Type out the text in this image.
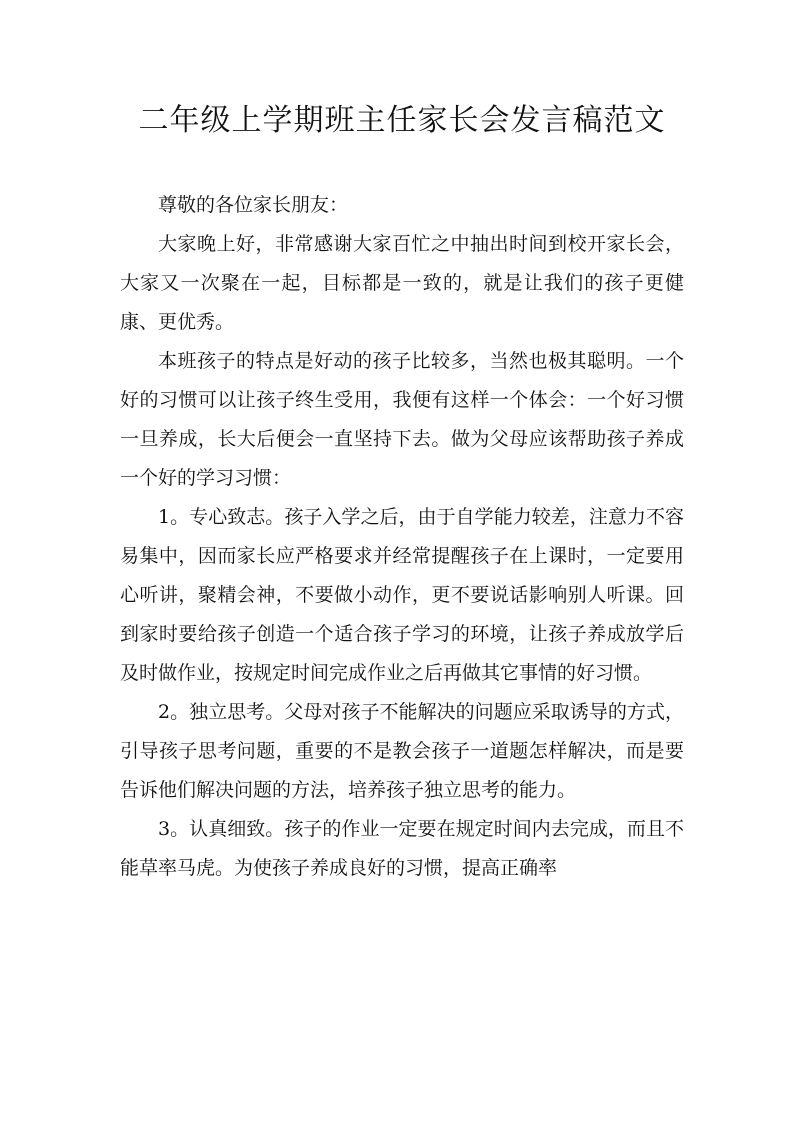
二年级上学期班主任家长会发言稿范文

尊敬的各位家长朋友：

大家晚上好，非常感谢大家百忙之中抽出时间到校开家长会，大家又一次聚在一起，目标都是一致的，就是让我们的孩子更健康、更优秀。

本班孩子的特点是好动的孩子比较多，当然也极其聪明。一个好的习惯可以让孩子终生受用，我便有这样一个体会：一个好习惯一旦养成，长大后便会一直坚持下去。做为父母应该帮助孩子养成一个好的学习习惯：

1。专心致志。孩子入学之后，由于自学能力较差，注意力不容易集中，因而家长应严格要求并经常提醒孩子在上课时，一定要用心听讲，聚精会神，不要做小动作，更不要说话影响别人听课。回到家时要给孩子创造一个适合孩子学习的环境，让孩子养成放学后及时做作业，按规定时间完成作业之后再做其它事情的好习惯。

2。独立思考。父母对孩子不能解决的问题应采取诱导的方式，引导孩子思考问题，重要的不是教会孩子一道题怎样解决，而是要告诉他们解决问题的方法，培养孩子独立思考的能力。

3。认真细致。孩子的作业一定要在规定时间内去完成，而且不能草率马虎。为使孩子养成良好的习惯，提高正确率
